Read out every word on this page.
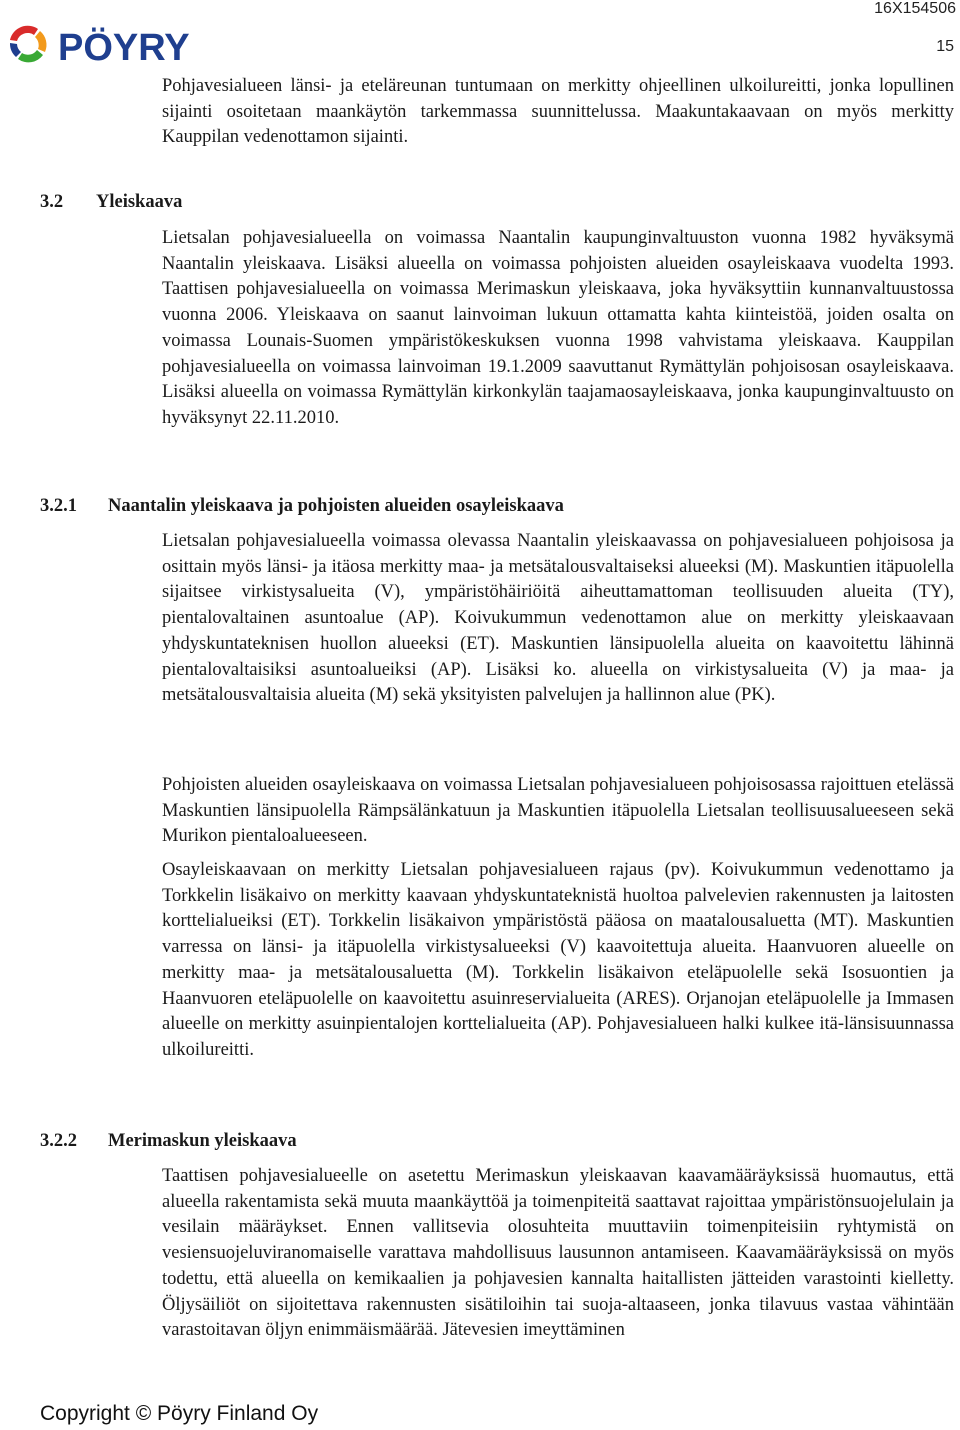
PÖYRY
16X154506
15

Pohjavesialueen länsi- ja eteläreunan tuntumaan on merkitty ohjeellinen ulkoilureitti, jonka lopullinen sijainti osoitetaan maankäytön tarkemmassa suunnittelussa. Maakuntakaavaan on myös merkitty Kauppilan vedenottamon sijainti.

3.2 Yleiskaava

Lietsalan pohjavesialueella on voimassa Naantalin kaupunginvaltuuston vuonna 1982 hyväksymä Naantalin yleiskaava. Lisäksi alueella on voimassa pohjoisten alueiden osayleiskaava vuodelta 1993. Taattisen pohjavesialueella on voimassa Merimaskun yleiskaava, joka hyväksyttiin kunnanvaltuustossa vuonna 2006. Yleiskaava on saanut lainvoiman lukuun ottamatta kahta kiinteistöä, joiden osalta on voimassa Lounais-Suomen ympäristökeskuksen vuonna 1998 vahvistama yleiskaava. Kauppilan pohjavesialueella on voimassa lainvoiman 19.1.2009 saavuttanut Rymättylän pohjoisosan osayleiskaava. Lisäksi alueella on voimassa Rymättylän kirkonkylän taajamaosayleiskaava, jonka kaupunginvaltuusto on hyväksynyt 22.11.2010.

3.2.1 Naantalin yleiskaava ja pohjoisten alueiden osayleiskaava

Lietsalan pohjavesialueella voimassa olevassa Naantalin yleiskaavassa on pohjavesialueen pohjoisosa ja osittain myös länsi- ja itäosa merkitty maa- ja metsätalousvaltaiseksi alueeksi (M). Maskuntien itäpuolella sijaitsee virkistysalueita (V), ympäristöhäiriöitä aiheuttamattoman teollisuuden alueita (TY), pientalovaltainen asuntoalue (AP). Koivukummun vedenottamon alue on merkitty yleiskaavaan yhdyskuntateknisen huollon alueeksi (ET). Maskuntien länsipuolella alueita on kaavoitettu lähinnä pientalovaltaisiksi asuntoalueiksi (AP). Lisäksi ko. alueella on virkistysalueita (V) ja maa- ja metsätalousvaltaisia alueita (M) sekä yksityisten palvelujen ja hallinnon alue (PK).

Pohjoisten alueiden osayleiskaava on voimassa Lietsalan pohjavesialueen pohjoisosassa rajoittuen etelässä Maskuntien länsipuolella Rämpsälänkatuun ja Maskuntien itäpuolella Lietsalan teollisuusalueeseen sekä Murikon pientaloalueeseen.

Osayleiskaavaan on merkitty Lietsalan pohjavesialueen rajaus (pv). Koivukummun vedenottamo ja Torkkelin lisäkaivo on merkitty kaavaan yhdyskuntateknistä huoltoa palvelevien rakennusten ja laitosten korttelialueiksi (ET). Torkkelin lisäkaivon ympäristöstä pääosa on maatalousaluetta (MT). Maskuntien varressa on länsi- ja itäpuolella virkistysalueeksi (V) kaavoitettuja alueita. Haanvuoren alueelle on merkitty maa- ja metsätalousaluetta (M). Torkkelin lisäkaivon eteläpuolelle sekä Isosuontien ja Haanvuoren eteläpuolelle on kaavoitettu asuinreservialueita (ARES). Orjanojan eteläpuolelle ja Immasen alueelle on merkitty asuinpientalojen korttelialueita (AP). Pohjavesialueen halki kulkee itä-länsisuunnassa ulkoilureitti.

3.2.2 Merimaskun yleiskaava

Taattisen pohjavesialueelle on asetettu Merimaskun yleiskaavan kaavamääräyksissä huomautus, että alueella rakentamista sekä muuta maankäyttöä ja toimenpiteitä saattavat rajoittaa ympäristönsuojelulain ja vesilain määräykset. Ennen vallitsevia olosuhteita muuttaviin toimenpiteisiin ryhtymistä on vesiensuojeluviranomaiselle varattava mahdollisuus lausunnon antamiseen. Kaavamääräyksissä on myös todettu, että alueella on kemikaalien ja pohjavesien kannalta haitallisten jätteiden varastointi kielletty. Öljysäiliöt on sijoitettava rakennusten sisätiloihin tai suoja-altaaseen, jonka tilavuus vastaa vähintään varastoitavan öljyn enimmäismäärää. Jätevesien imeyttäminen

Copyright © Pöyry Finland Oy
